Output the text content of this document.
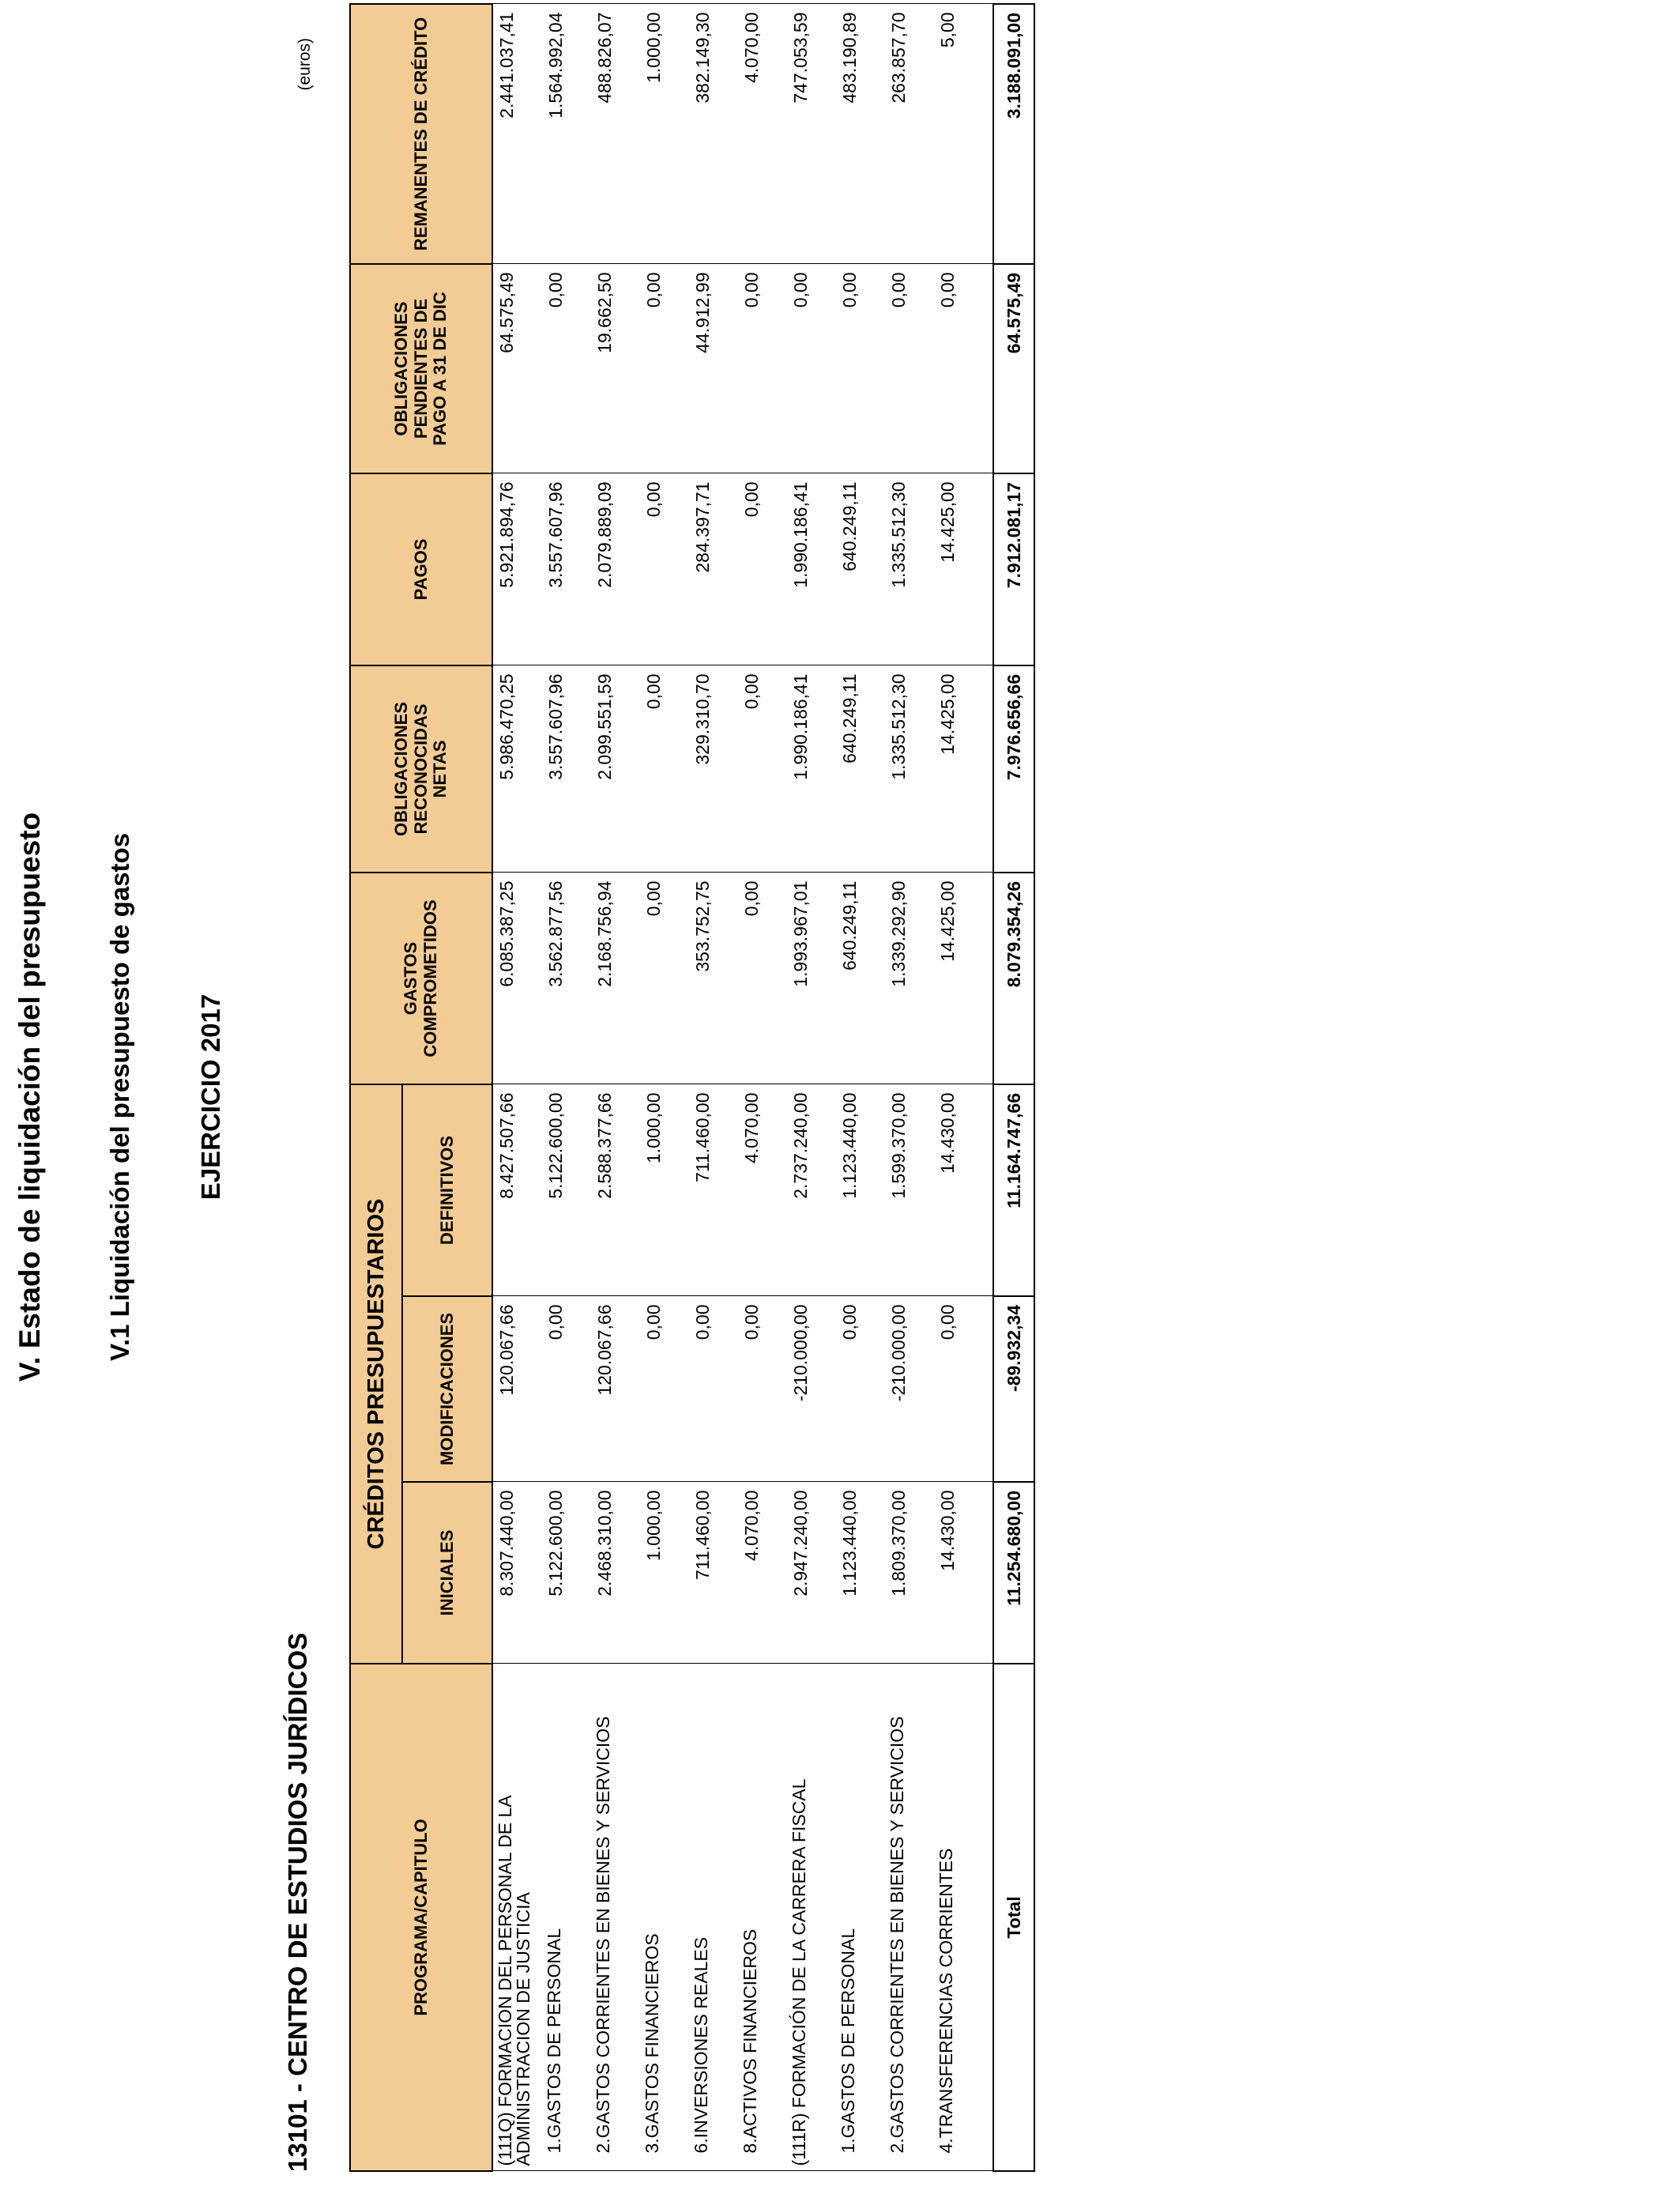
V. Estado de liquidación del presupuesto V.1 Liquidación del presupuesto de gastos EJERCICIO 2017
13101 - CENTRO DE ESTUDIOS JURÍDICOS
(euros)
PROGRAMA/CAPITULO	CRÉDITOS PRESUPUESTARIOS			GASTOS COMPROMETIDOS	OBLIGACIONES RECONOCIDAS NETAS	PAGOS	OBLIGACIONES PENDIENTES DE PAGO A 31 DE DIC	REMANENTES DE CRÉDITO
	INICIALES	MODIFICACIONES	DEFINITIVOS					
(111Q) FORMACION DEL PERSONAL DE LA ADMINISTRACION DE JUSTICIA	8.307.440,00	120.067,66	8.427.507,66	6.085.387,25	5.986.470,25	5.921.894,76	64.575,49	2.441.037,41
1.GASTOS DE PERSONAL	5.122.600,00	0,00	5.122.600,00	3.562.877,56	3.557.607,96	3.557.607,96	0,00	1.564.992,04
2.GASTOS CORRIENTES EN BIENES Y SERVICIOS	2.468.310,00	120.067,66	2.588.377,66	2.168.756,94	2.099.551,59	2.079.889,09	19.662,50	488.826,07
3.GASTOS FINANCIEROS	1.000,00	0,00	1.000,00	0,00	0,00	0,00	0,00	1.000,00
6.INVERSIONES REALES	711.460,00	0,00	711.460,00	353.752,75	329.310,70	284.397,71	44.912,99	382.149,30
8.ACTIVOS FINANCIEROS	4.070,00	0,00	4.070,00	0,00	0,00	0,00	0,00	4.070,00
(111R) FORMACIÓN DE LA CARRERA FISCAL	2.947.240,00	-210.000,00	2.737.240,00	1.993.967,01	1.990.186,41	1.990.186,41	0,00	747.053,59
1.GASTOS DE PERSONAL	1.123.440,00	0,00	1.123.440,00	640.249,11	640.249,11	640.249,11	0,00	483.190,89
2.GASTOS CORRIENTES EN BIENES Y SERVICIOS	1.809.370,00	-210.000,00	1.599.370,00	1.339.292,90	1.335.512,30	1.335.512,30	0,00	263.857,70
4.TRANSFERENCIAS CORRIENTES	14.430,00	0,00	14.430,00	14.425,00	14.425,00	14.425,00	0,00	5,00
Total	11.254.680,00	-89.932,34	11.164.747,66	8.079.354,26	7.976.656,66	7.912.081,17	64.575,49	3.188.091,00
